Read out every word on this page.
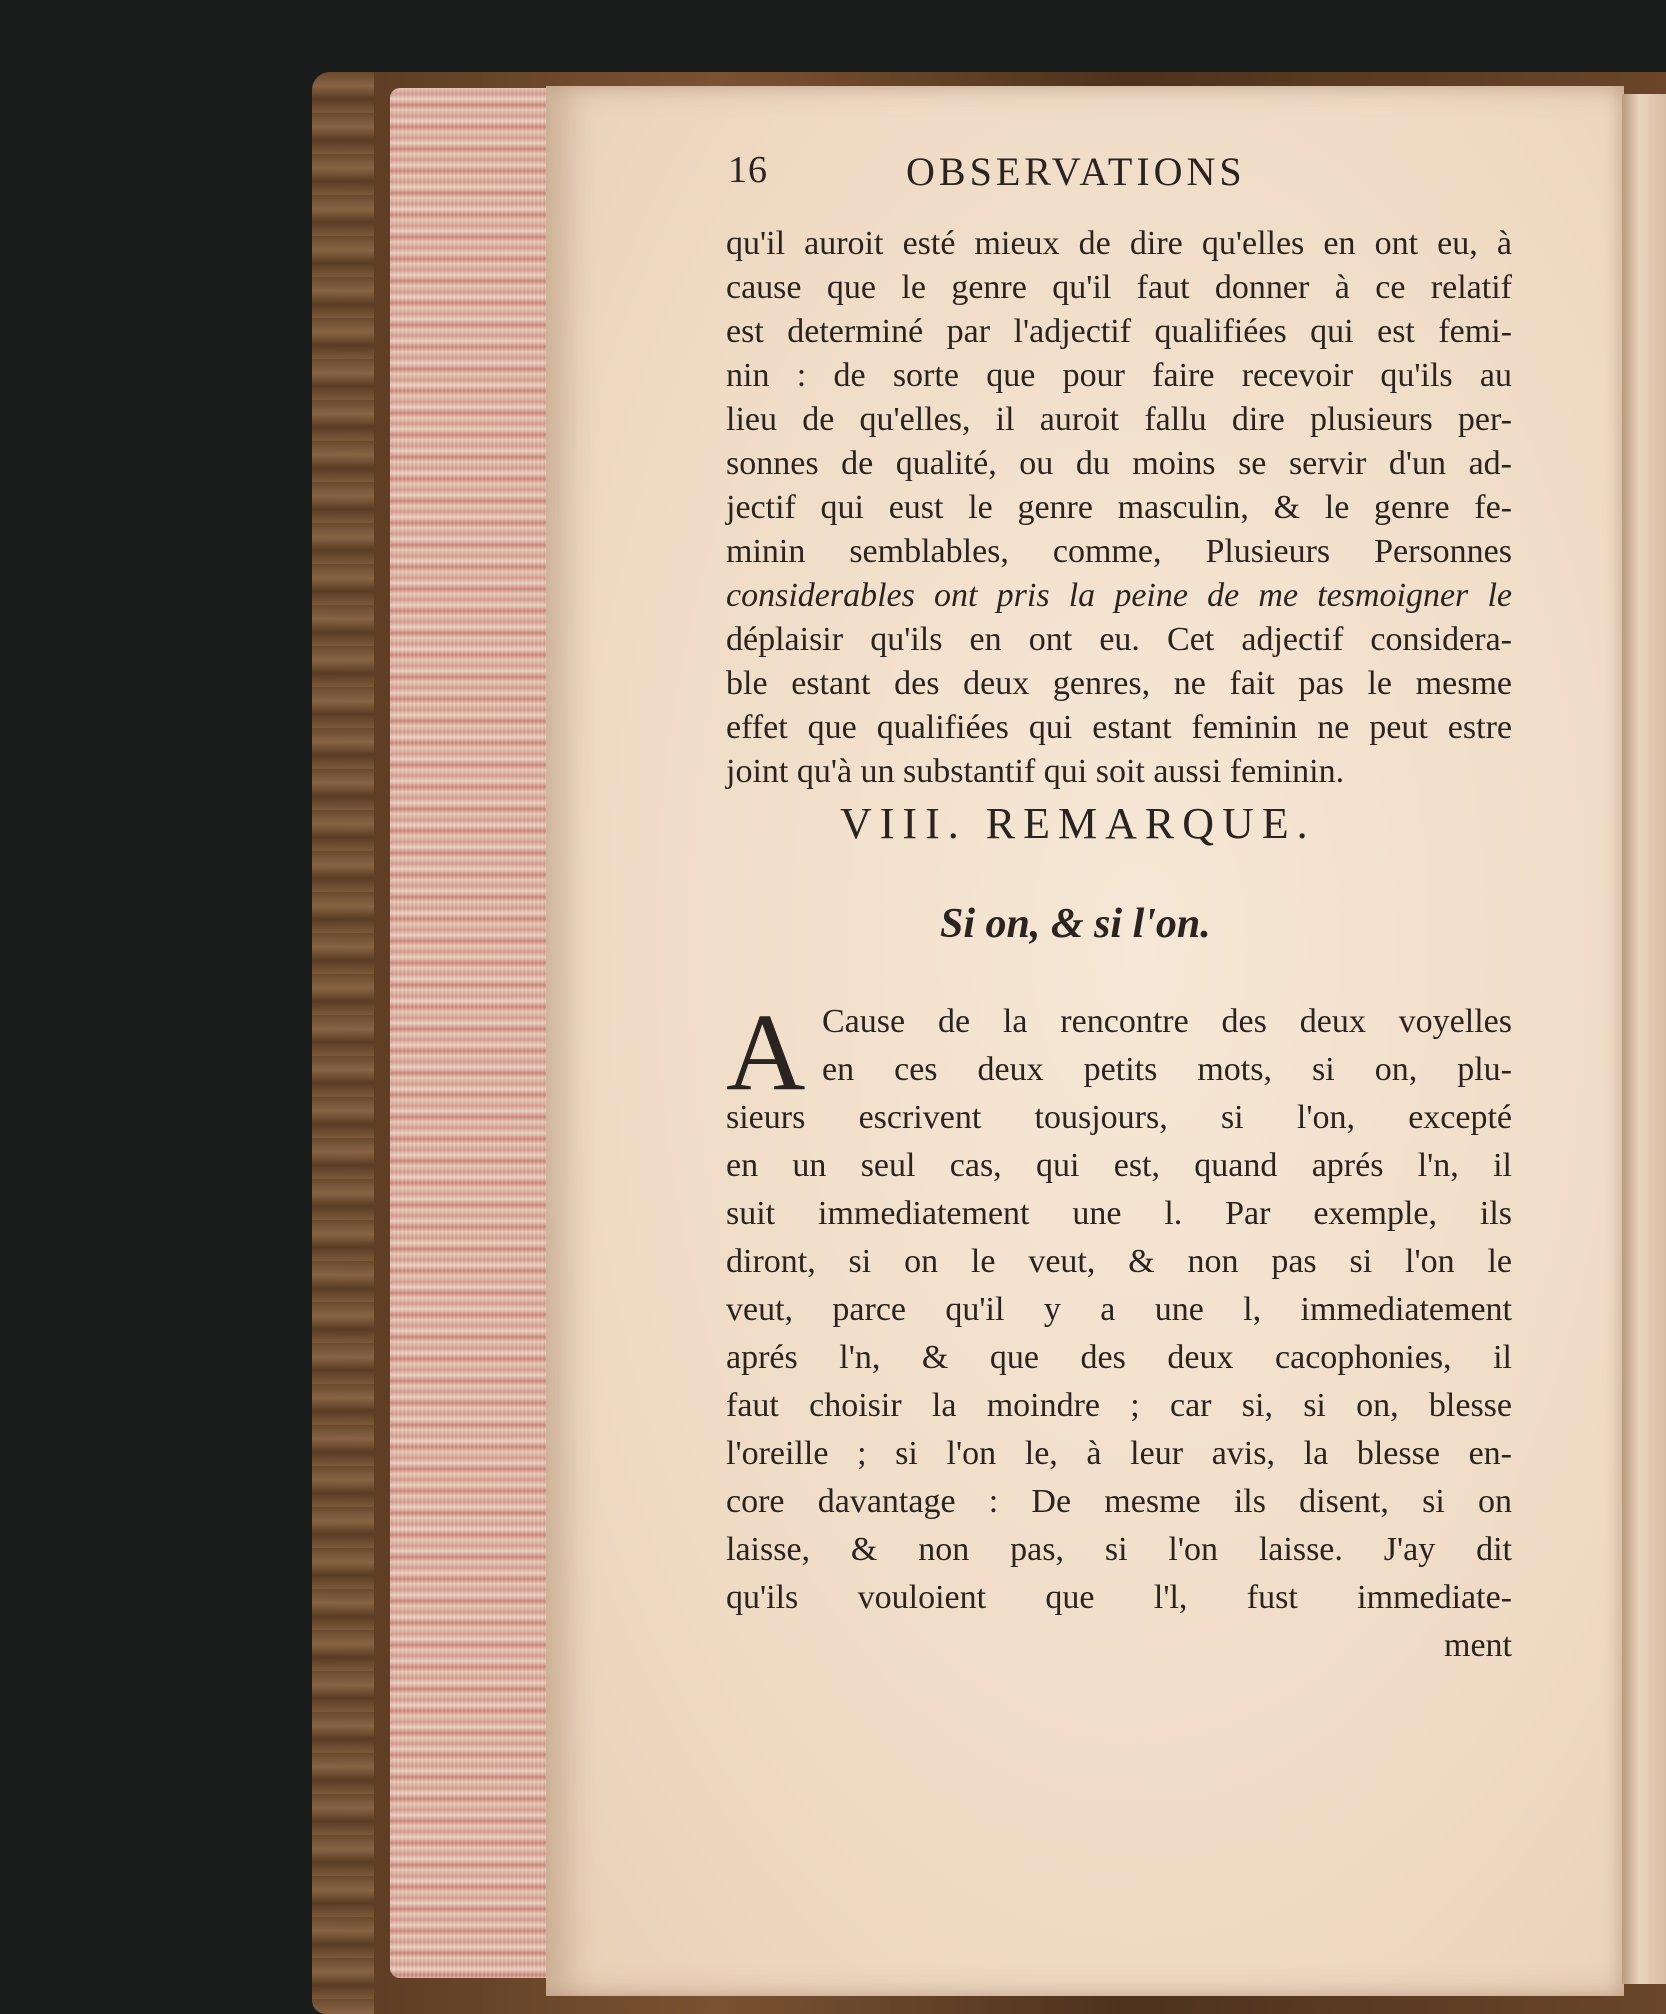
16	OBSERVATIONS
qu'il auroit esté mieux de dire qu'elles en ont eu, à
cause que le genre qu'il faut donner à ce relatif
est determiné par l'adjectif qualifiées qui est femi-
nin : de sorte que pour faire recevoir qu'ils au
lieu de qu'elles, il auroit fallu dire plusieurs per-
sonnes de qualité, ou du moins se servir d'un ad-
jectif qui eust le genre masculin, & le genre fe-
minin semblables, comme, Plusieurs Personnes
considerables ont pris la peine de me tesmoigner le
déplaisir qu'ils en ont eu. Cet adjectif considera-
ble estant des deux genres, ne fait pas le mesme
effet que qualifiées qui estant feminin ne peut estre
joint qu'à un substantif qui soit aussi feminin.
VIII. REMARQUE.
Si on, & si l'on.
A Cause de la rencontre des deux voyelles
en ces deux petits mots, si on, plu-
sieurs escrivent tousjours, si l'on, excepté
en un seul cas, qui est, quand aprés l'n, il
suit immediatement une l. Par exemple, ils
diront, si on le veut, & non pas si l'on le
veut, parce qu'il y a une l, immediatement
aprés l'n, & que des deux cacophonies, il
faut choisir la moindre ; car si, si on, blesse
l'oreille ; si l'on le, à leur avis, la blesse en-
core davantage : De mesme ils disent, si on
laisse, & non pas, si l'on laisse. J'ay dit
qu'ils vouloient que l'l, fust immediate-
ment
